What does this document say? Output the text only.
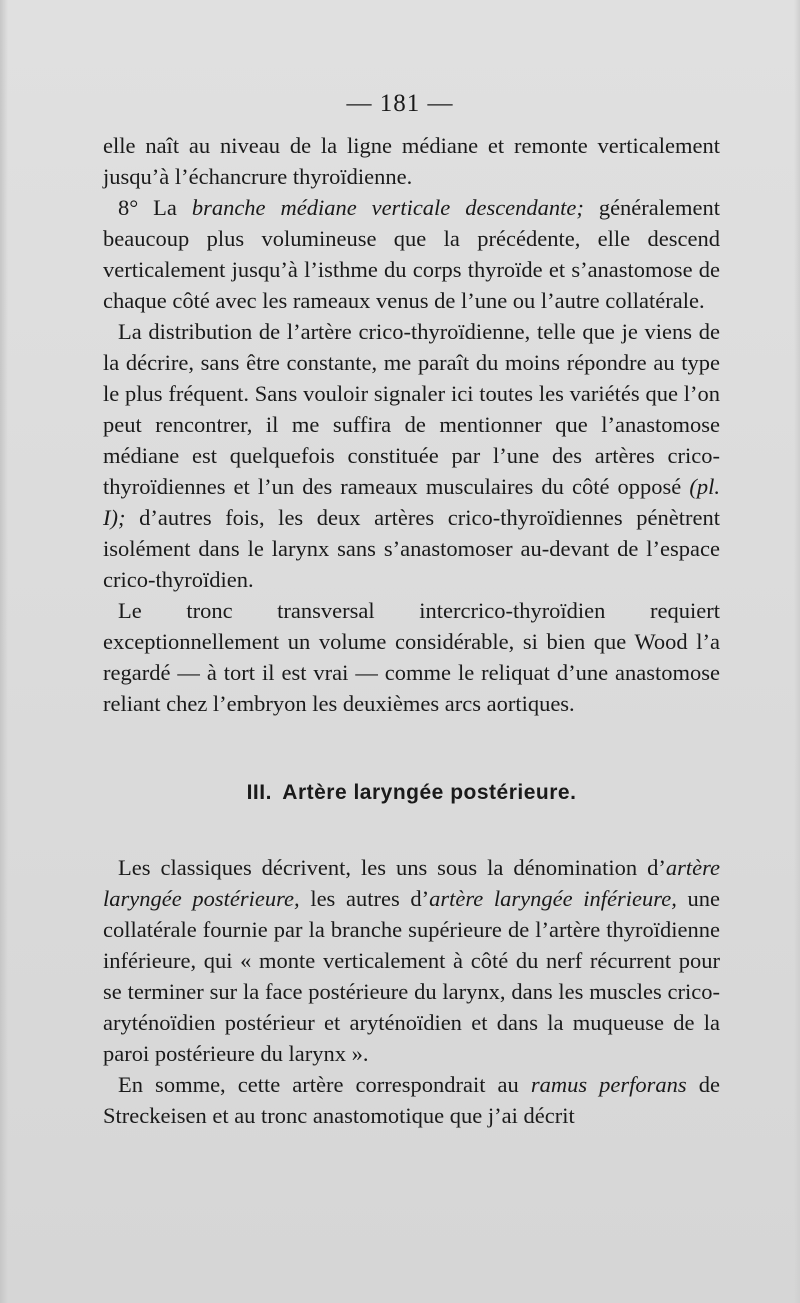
— 181 —

elle naît au niveau de la ligne médiane et remonte verticalement jusqu’à l’échancrure thyroïdienne.

8° La branche médiane verticale descendante; généralement beaucoup plus volumineuse que la précédente, elle descend verticalement jusqu’à l’isthme du corps thyroïde et s’anastomose de chaque côté avec les rameaux venus de l’une ou l’autre collatérale.

La distribution de l’artère crico-thyroïdienne, telle que je viens de la décrire, sans être constante, me paraît du moins répondre au type le plus fréquent. Sans vouloir signaler ici toutes les variétés que l’on peut rencontrer, il me suffira de mentionner que l’anastomose médiane est quelquefois constituée par l’une des artères crico-thyroïdiennes et l’un des rameaux musculaires du côté opposé (pl. I); d’autres fois, les deux artères crico-thyroïdiennes pénètrent isolément dans le larynx sans s’anastomoser au-devant de l’espace crico-thyroïdien.

Le tronc transversal intercrico-thyroïdien requiert exceptionnellement un volume considérable, si bien que Wood l’a regardé — à tort il est vrai — comme le reliquat d’une anastomose reliant chez l’embryon les deuxièmes arcs aortiques.

III. Artère laryngée postérieure.

Les classiques décrivent, les uns sous la dénomination d’artère laryngée postérieure, les autres d’artère laryngée inférieure, une collatérale fournie par la branche supérieure de l’artère thyroïdienne inférieure, qui « monte verticalement à côté du nerf récurrent pour se terminer sur la face postérieure du larynx, dans les muscles crico-aryténoïdien postérieur et aryténoïdien et dans la muqueuse de la paroi postérieure du larynx ».

En somme, cette artère correspondrait au ramus perforans de Streckeisen et au tronc anastomotique que j’ai décrit
